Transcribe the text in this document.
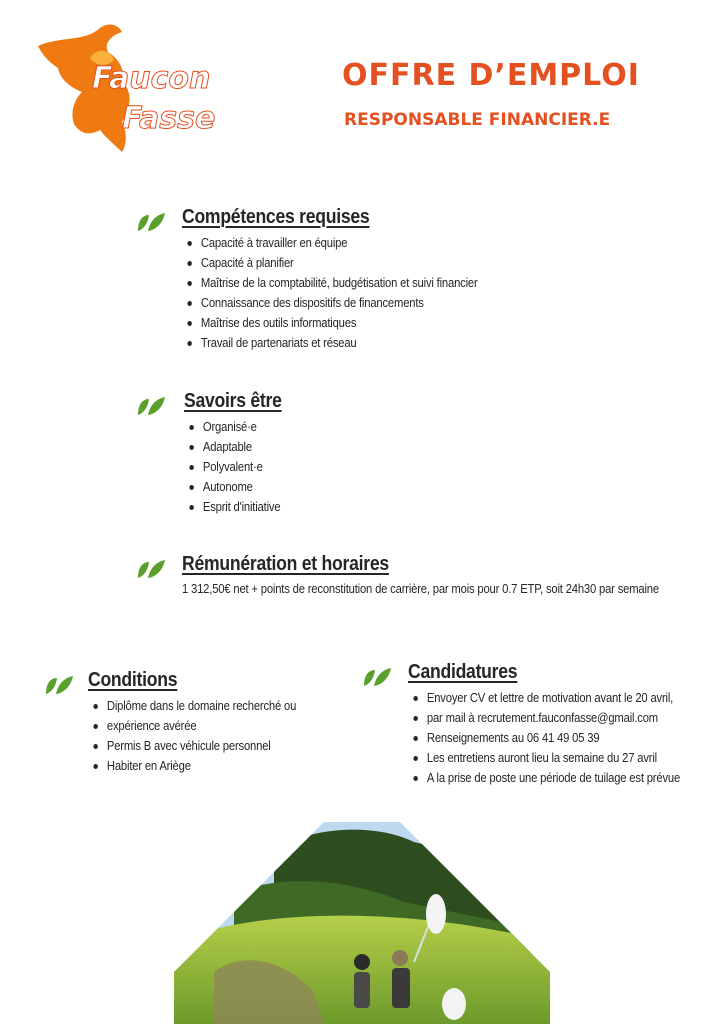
Faucon
Fasse
OFFRE D’EMPLOI
RESPONSABLE FINANCIER.E
Compétences requises
Capacité à travailler en équipe
Capacité à planifier
Maîtrise de la comptabilité, budgétisation et suivi financier
Connaissance des dispositifs de financements
Maîtrise des outils informatiques
Travail de partenariats et réseau
Savoirs être
Organisé·e
Adaptable
Polyvalent·e
Autonome
Esprit d'initiative
Rémunération et horaires

1 312,50€ net + points de reconstitution de carrière, par mois pour 0.7 ETP, soit 24h30 par semaine

Conditions
Diplôme dans le domaine recherché ou
expérience avérée
Permis B avec véhicule personnel
Habiter en Ariège
Candidatures
Envoyer CV et lettre de motivation avant le 20 avril,
par mail à recrutement.fauconfasse@gmail.com
Renseignements au 06 41 49 05 39
Les entretiens auront lieu la semaine du 27 avril
A la prise de poste une période de tuilage est prévue
